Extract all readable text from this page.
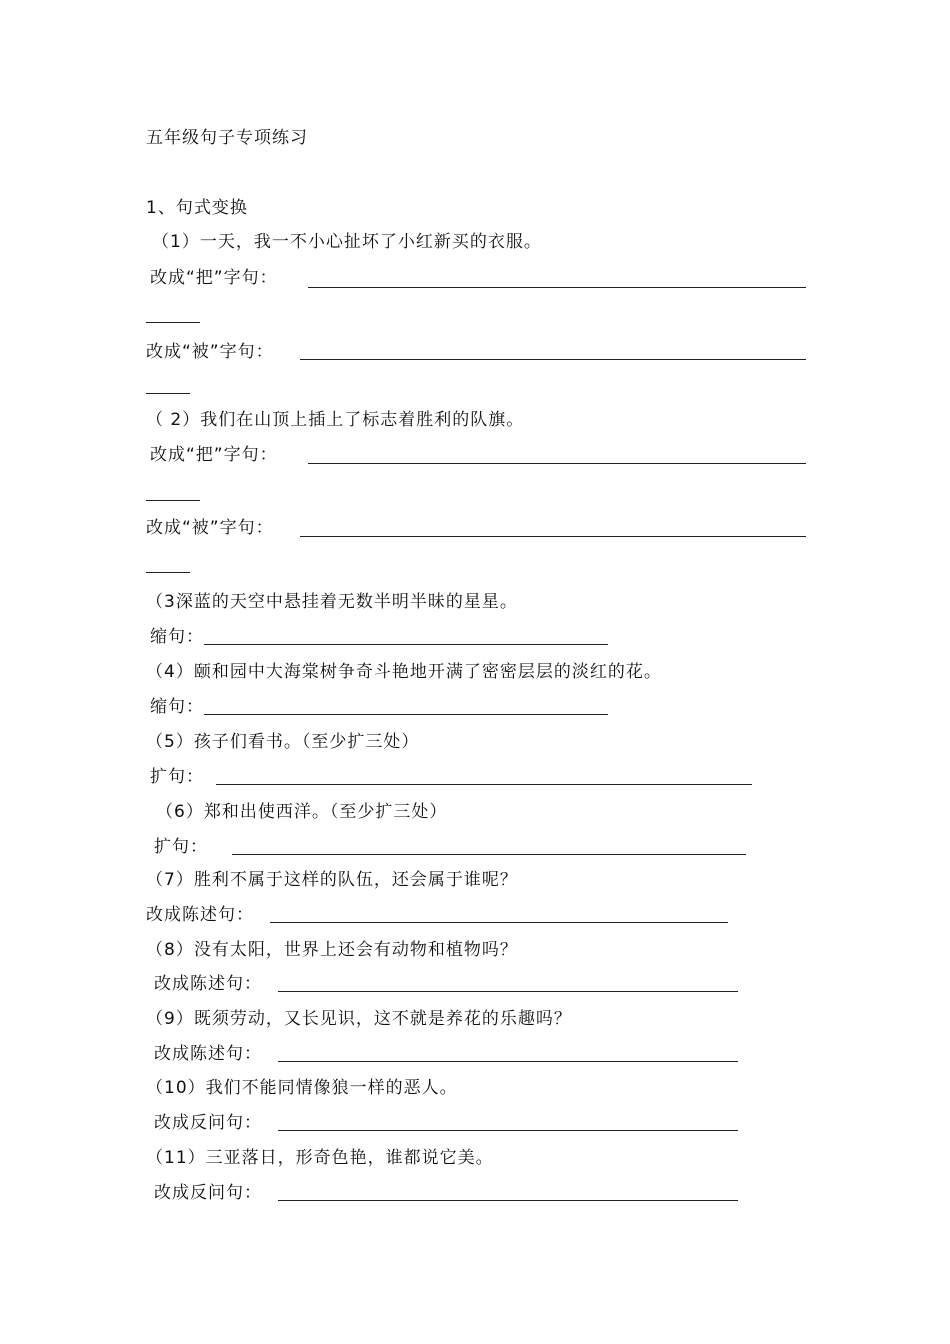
五年级句子专项练习
1、句式变换
（1）一天，我一不小心扯坏了小红新买的衣服。
改成“把”字句：
改成“被”字句：
（ 2）我们在山顶上插上了标志着胜利的队旗。
改成“把”字句：
改成“被”字句：
（3深蓝的天空中悬挂着无数半明半昧的星星。
缩句：
（4）颐和园中大海棠树争奇斗艳地开满了密密层层的淡红的花。
缩句：
（5）孩子们看书。（至少扩三处）
扩句：
（6）郑和出使西洋。（至少扩三处）
扩句：
（7）胜利不属于这样的队伍，还会属于谁呢？
改成陈述句：
（8）没有太阳，世界上还会有动物和植物吗？
改成陈述句：
（9）既须劳动，又长见识，这不就是养花的乐趣吗？
改成陈述句：
（10）我们不能同情像狼一样的恶人。
改成反问句：
（11）三亚落日，形奇色艳，谁都说它美。
改成反问句：
